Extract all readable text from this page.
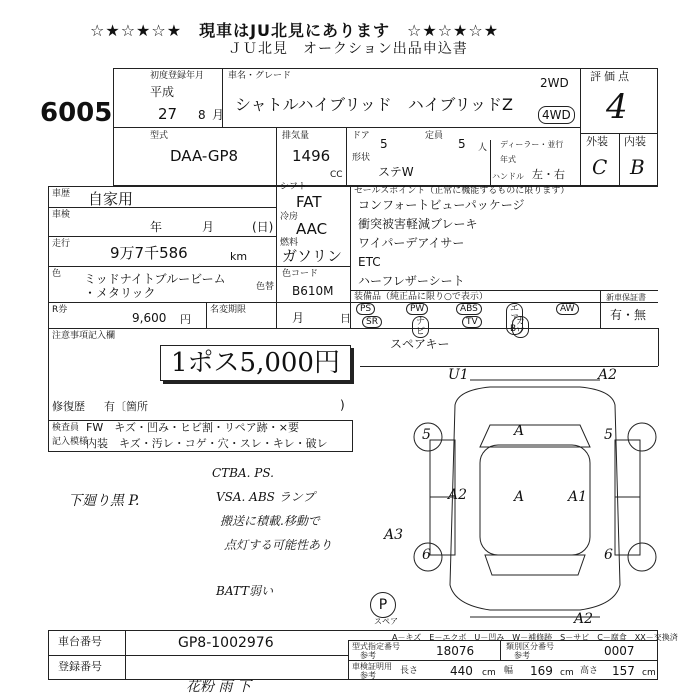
☆★☆★☆★　現車はJU北見にあります　☆★☆★☆★
ＪＵ北見　オークション出品申込書
6005
初度登録年月
平成
27 8 月
車名・グレード
シャトルハイブリッド　ハイブリッドZ
2WD
4WD
評価点
4
型式
DAA-GP8
排気量
1496
CC
ドア
5
定員
5 人
形状
ステW
ディーラー・並行
年式
ハンドル 左・右
外装 内装
C B
車歴 自家用
車検
年	月	(日)
走行	9万7千586	km
シフト
FAT
冷房
AAC
燃料
ガソリン
色 ミッドナイトブルービーム
・メタリック	色替
色コード
B610M
R券
9,600 円
名変期限
月	日
セールスポイント（正常に機能するものに限ります）
コンフォートビューパッケージ
衝突被害軽減ブレーキ
ワイパーデアイサー
ETC
ハーフレザーシート
装備品（純正品に限り○で表示）
PS	PW	ABS	エアB
AW
SR	ナビ
TV	カワ
新車保証書
有・無
注意事項記入欄
スペアキー
1ポス5,000円
修復歴 有〔箇所	)
検査員
記入模様
FW　キズ・凹み・ヒビ割・リペア跡・×要
内装　キズ・汚レ・コゲ・穴・スレ・キレ・破レ
下廻り黒 P.
CTBA. PS.
VSA. ABS ランプ
搬送に積載.移動で
点灯する可能性あり
BATT弱い
花粉 雨 下
U1	A2
A
A2	A	A1
A3
A2
5	5
6	6
P
スペア
A－キズ　E－エクボ　U－凹み　W－補修跡　S－サビ　C－腐食　XX－交換済
車台番号	GP8-1002976
登録番号
型式指定番号
参考	18076	類別区分番号
参考	0007
車検証明用
参考	長さ	440 cm 幅 169 cm 高さ 157 cm
